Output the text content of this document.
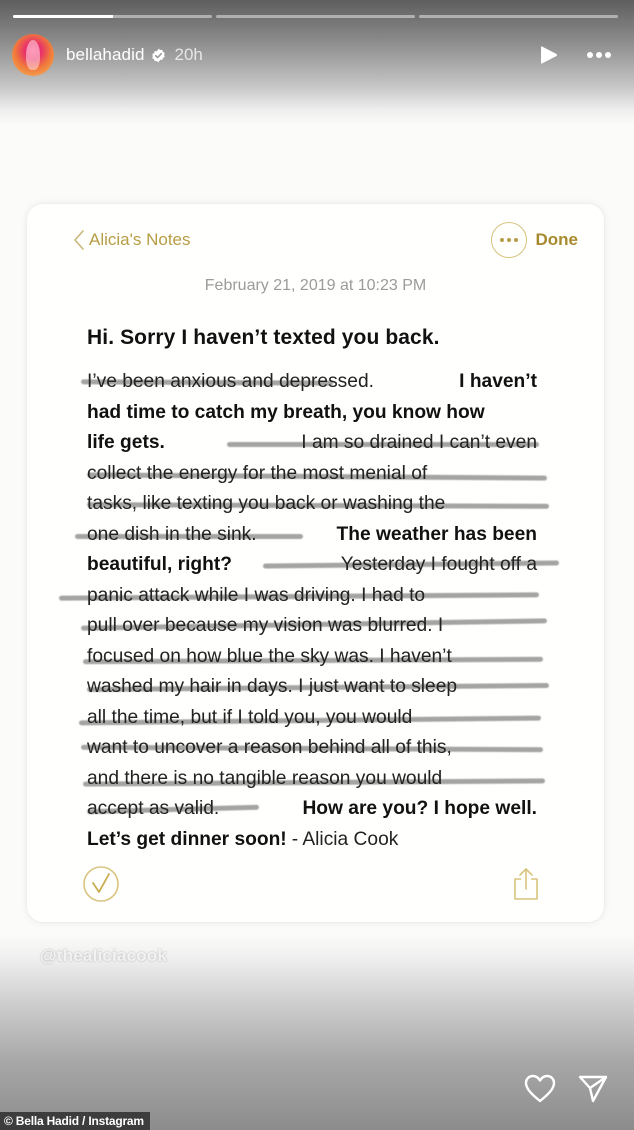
bellahadid 20h
Alicia's Notes	Done
February 21, 2019 at 10:23 PM
Hi. Sorry I haven’t texted you back.
I’ve been anxious and depressed.	I haven’t
had time to catch my breath, you know how
life gets.	I am so drained I can’t even
collect the energy for the most menial of
tasks, like texting you back or washing the
one dish in the sink.	The weather has been
beautiful, right?	Yesterday I fought off a
panic attack while I was driving. I had to
pull over because my vision was blurred. I
focused on how blue the sky was. I haven’t
washed my hair in days. I just want to sleep
all the time, but if I told you, you would
want to uncover a reason behind all of this,
and there is no tangible reason you would
accept as valid.	How are you? I hope well.
Let’s get dinner soon! - Alicia Cook
@thealiciacook
© Bella Hadid / Instagram
